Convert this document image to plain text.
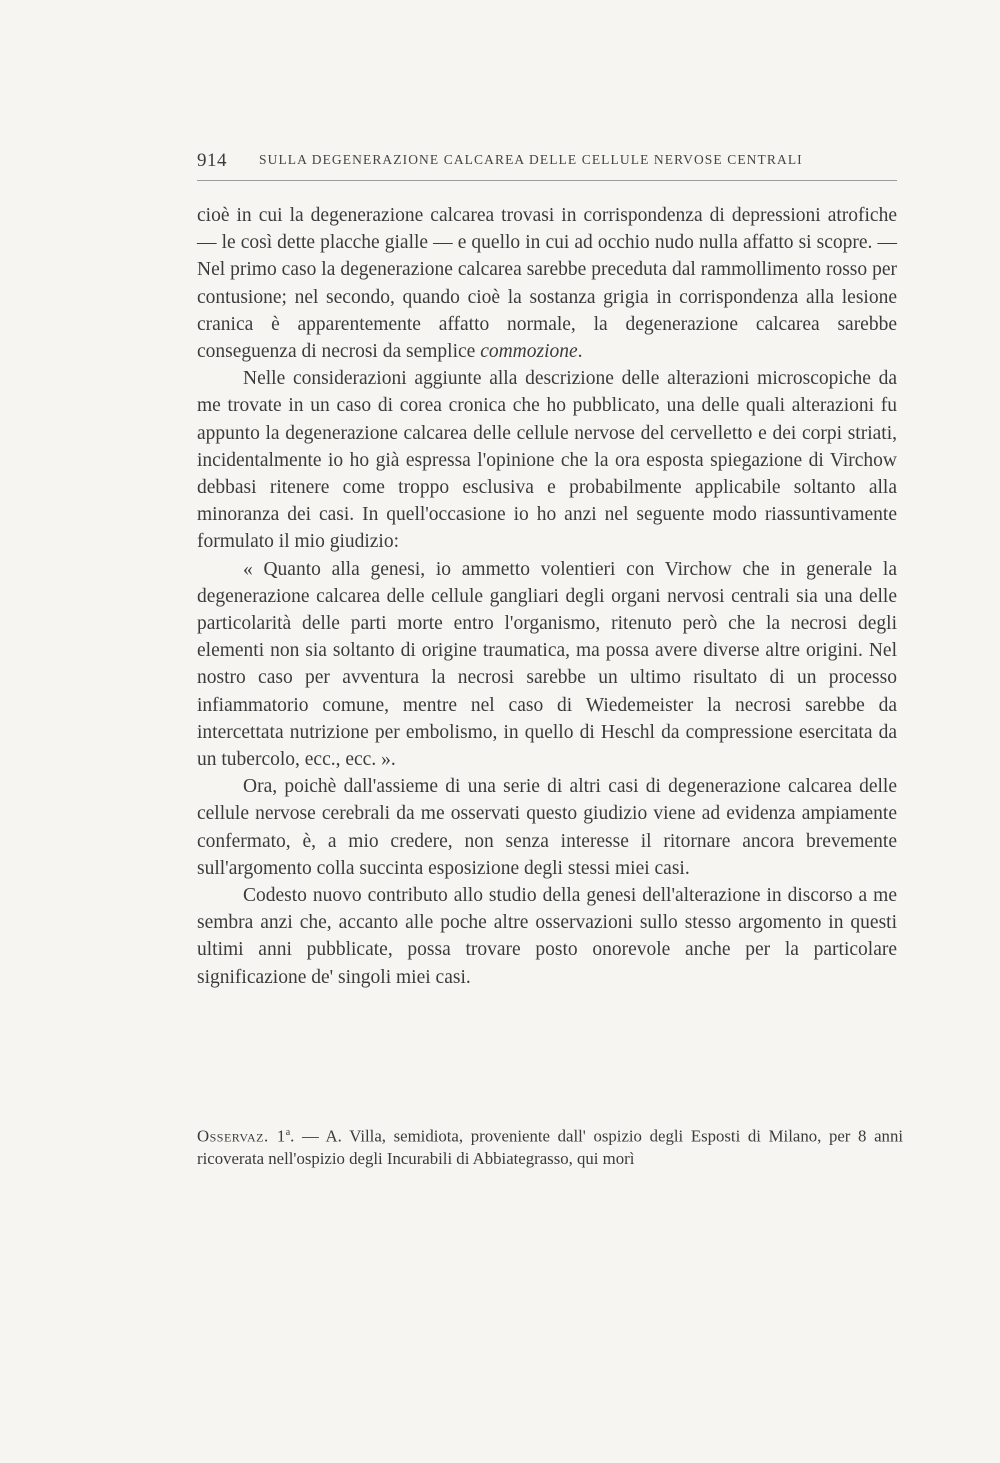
914 SULLA DEGENERAZIONE CALCAREA DELLE CELLULE NERVOSE CENTRALI

cioè in cui la degenerazione calcarea trovasi in corrispondenza di depressioni atrofiche — le così dette placche gialle — e quello in cui ad occhio nudo nulla affatto si scopre. — Nel primo caso la degenerazione calcarea sarebbe preceduta dal rammollimento rosso per contusione; nel secondo, quando cioè la sostanza grigia in corrispondenza alla lesione cranica è apparentemente affatto normale, la degenerazione calcarea sarebbe conseguenza di necrosi da semplice commozione.

Nelle considerazioni aggiunte alla descrizione delle alterazioni microscopiche da me trovate in un caso di corea cronica che ho pubblicato, una delle quali alterazioni fu appunto la degenerazione calcarea delle cellule nervose del cervelletto e dei corpi striati, incidentalmente io ho già espressa l'opinione che la ora esposta spiegazione di Virchow debbasi ritenere come troppo esclusiva e probabilmente applicabile soltanto alla minoranza dei casi. In quell'occasione io ho anzi nel seguente modo riassuntivamente formulato il mio giudizio:

« Quanto alla genesi, io ammetto volentieri con Virchow che in generale la degenerazione calcarea delle cellule gangliari degli organi nervosi centrali sia una delle particolarità delle parti morte entro l'organismo, ritenuto però che la necrosi degli elementi non sia soltanto di origine traumatica, ma possa avere diverse altre origini. Nel nostro caso per avventura la necrosi sarebbe un ultimo risultato di un processo infiammatorio comune, mentre nel caso di Wiedemeister la necrosi sarebbe da intercettata nutrizione per embolismo, in quello di Heschl da compressione esercitata da un tubercolo, ecc., ecc. ».

Ora, poichè dall'assieme di una serie di altri casi di degenerazione calcarea delle cellule nervose cerebrali da me osservati questo giudizio viene ad evidenza ampiamente confermato, è, a mio credere, non senza interesse il ritornare ancora brevemente sull'argomento colla succinta esposizione degli stessi miei casi.

Codesto nuovo contributo allo studio della genesi dell'alterazione in discorso a me sembra anzi che, accanto alle poche altre osservazioni sullo stesso argomento in questi ultimi anni pubblicate, possa trovare posto onorevole anche per la particolare significazione de' singoli miei casi.

Osservaz. 1$^a$. — A. Villa, semidiota, proveniente dall' ospizio degli Esposti di Milano, per 8 anni ricoverata nell'ospizio degli Incurabili di Abbiategrasso, qui morì
